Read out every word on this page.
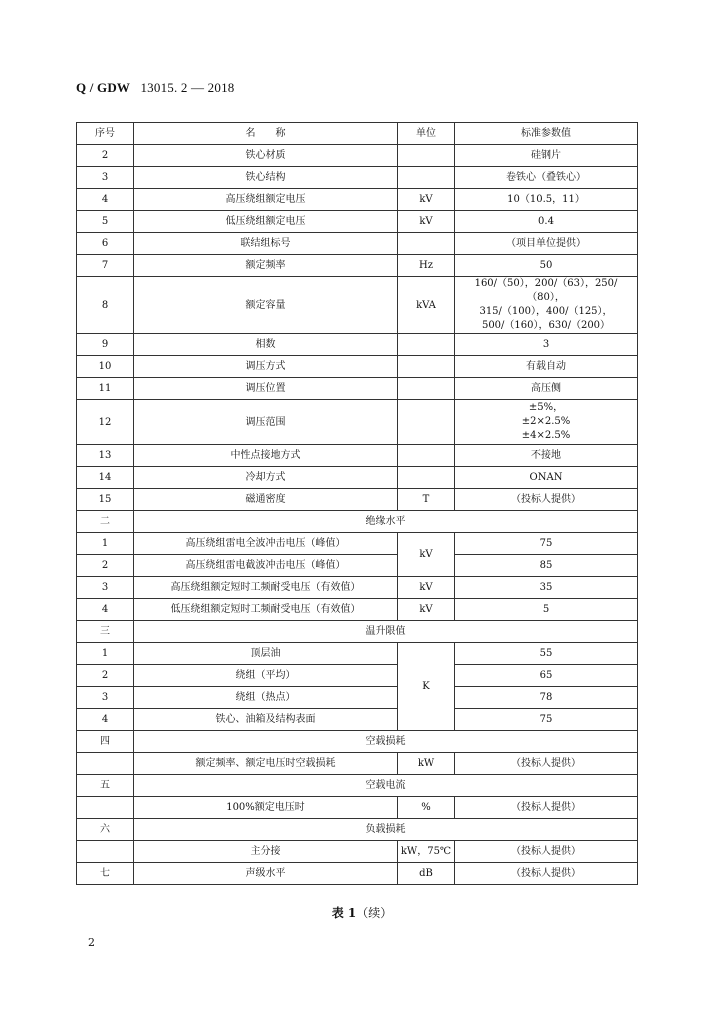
Q / GDW 13015. 2 — 2018
序号	名　　称	单位	标准参数值
2	铁心材质		硅钢片
3	铁心结构		卷铁心（叠铁心）
4	高压绕组额定电压	kV	10（10.5，11）
5	低压绕组额定电压	kV	0.4
6	联结组标号		（项目单位提供）
7	额定频率	Hz	50
8	额定容量	kVA	160/（50），200/（63），250/（80），
315/（100），400/（125），
500/（160），630/（200）

9	相数		3
10	调压方式		有载自动
11	调压位置		高压侧
12	调压范围		±5%，
±2×2.5%
±4×2.5%

13	中性点接地方式		不接地
14	冷却方式		ONAN
15	磁通密度	T	（投标人提供）
二	绝缘水平		
1	高压绕组雷电全波冲击电压（峰值）	kV	75
2	高压绕组雷电截波冲击电压（峰值）		85
3	高压绕组额定短时工频耐受电压（有效值）	kV	35
4	低压绕组额定短时工频耐受电压（有效值）	kV	5
三	温升限值		
1	顶层油	K	55
2	绕组（平均）		65
3	绕组（热点）		78
4	铁心、油箱及结构表面		75
四	空载损耗		
	额定频率、额定电压时空载损耗	kW	（投标人提供）
五	空载电流		
	100%额定电压时	%	（投标人提供）
六	负载损耗		
	主分接	kW，75℃	（投标人提供）
七	声级水平	dB	（投标人提供）
表 1（续）
2
